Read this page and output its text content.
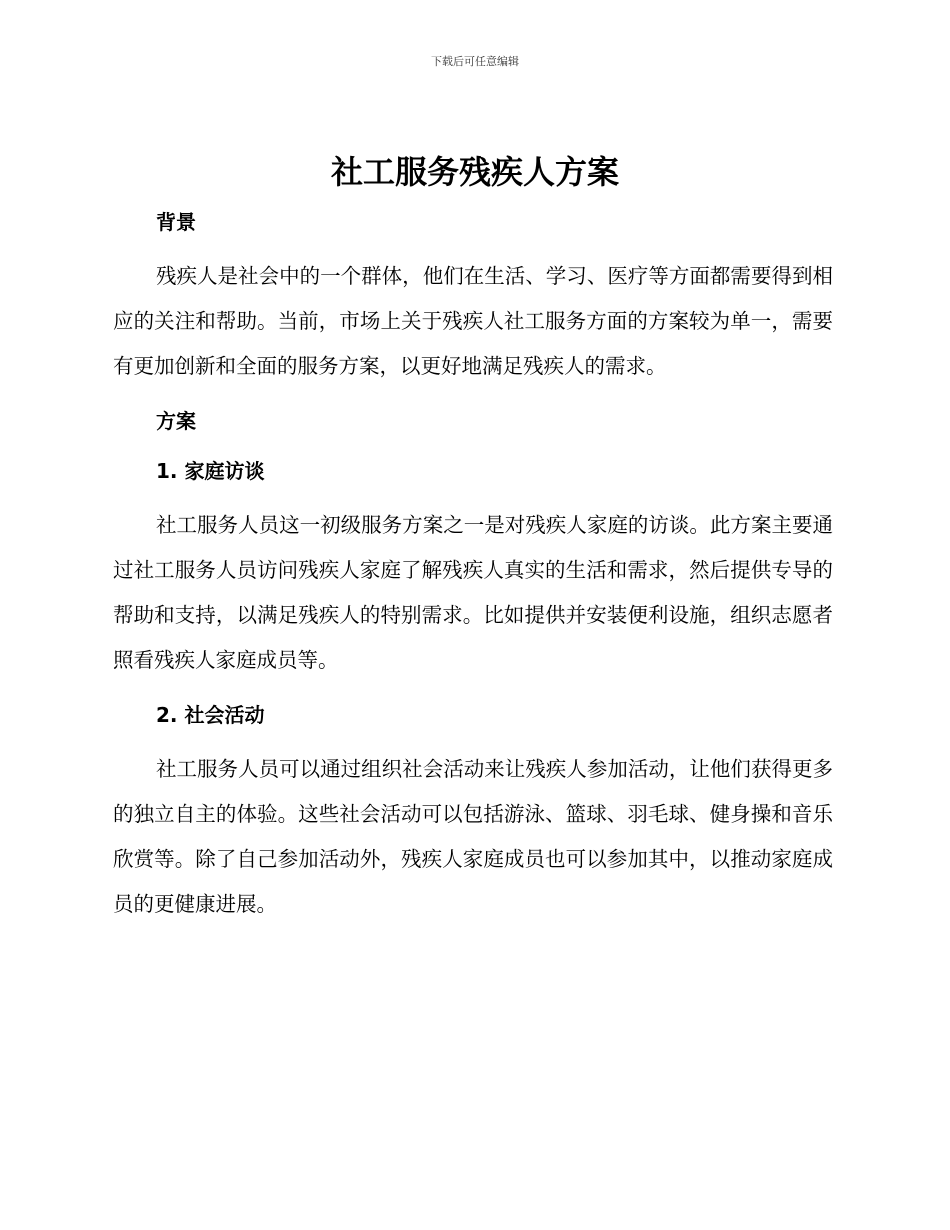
下载后可任意编辑
社工服务残疾人方案
背景

残疾人是社会中的一个群体，他们在生活、学习、医疗等方面都需要得到相应的关注和帮助。当前，市场上关于残疾人社工服务方面的方案较为单一，需要有更加创新和全面的服务方案，以更好地满足残疾人的需求。

方案
1. 家庭访谈

社工服务人员这一初级服务方案之一是对残疾人家庭的访谈。此方案主要通过社工服务人员访问残疾人家庭了解残疾人真实的生活和需求，然后提供专导的帮助和支持，以满足残疾人的特别需求。比如提供并安装便利设施，组织志愿者照看残疾人家庭成员等。

2. 社会活动

社工服务人员可以通过组织社会活动来让残疾人参加活动，让他们获得更多的独立自主的体验。这些社会活动可以包括游泳、篮球、羽毛球、健身操和音乐欣赏等。除了自己参加活动外，残疾人家庭成员也可以参加其中，以推动家庭成员的更健康进展。
